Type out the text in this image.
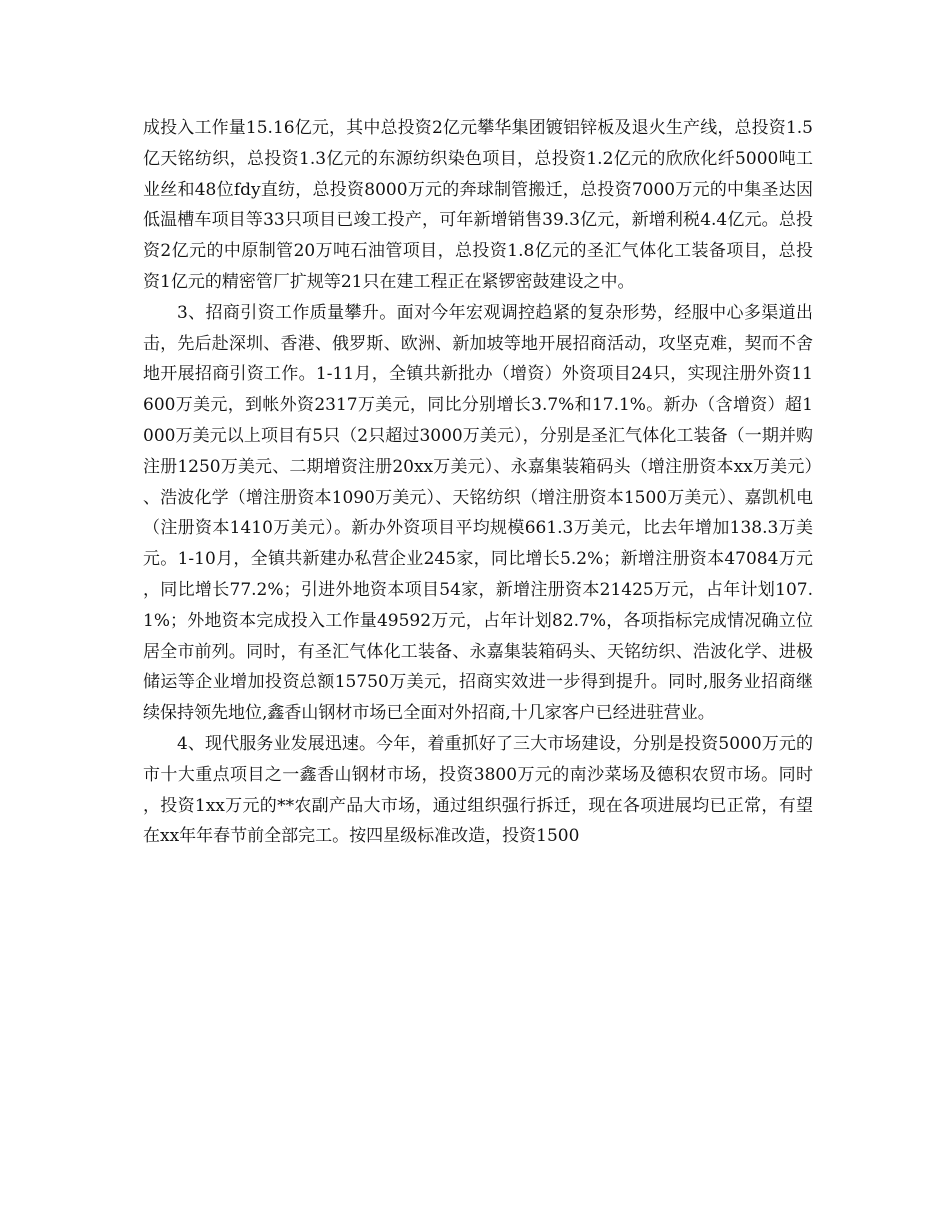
成投入工作量15.16亿元，其中总投资2亿元攀华集团镀铝锌板及退火生产线，总投资1.5亿天铭纺织，总投资1.3亿元的东源纺织染色项目，总投资1.2亿元的欣欣化纤5000吨工业丝和48位fdy直纺，总投资8000万元的奔球制管搬迁，总投资7000万元的中集圣达因低温槽车项目等33只项目已竣工投产，可年新增销售39.3亿元，新增利税4.4亿元。总投资2亿元的中原制管20万吨石油管项目，总投资1.8亿元的圣汇气体化工装备项目，总投资1亿元的精密管厂扩规等21只在建工程正在紧锣密鼓建设之中。

3、招商引资工作质量攀升。面对今年宏观调控趋紧的复杂形势，经服中心多渠道出击，先后赴深圳、香港、俄罗斯、欧洲、新加坡等地开展招商活动，攻坚克难，契而不舍地开展招商引资工作。1-11月，全镇共新批办（增资）外资项目24只，实现注册外资11600万美元，到帐外资2317万美元，同比分别增长3.7%和17.1%。新办（含增资）超1000万美元以上项目有5只（2只超过3000万美元），分别是圣汇气体化工装备（一期并购注册1250万美元、二期增资注册20xx万美元）、永嘉集装箱码头（增注册资本xx万美元）、浩波化学（增注册资本1090万美元）、天铭纺织（增注册资本1500万美元）、嘉凯机电（注册资本1410万美元）。新办外资项目平均规模661.3万美元，比去年增加138.3万美元。1-10月，全镇共新建办私营企业245家，同比增长5.2%；新增注册资本47084万元，同比增长77.2%；引进外地资本项目54家，新增注册资本21425万元，占年计划107.1%；外地资本完成投入工作量49592万元，占年计划82.7%，各项指标完成情况确立位居全市前列。同时，有圣汇气体化工装备、永嘉集装箱码头、天铭纺织、浩波化学、进极储运等企业增加投资总额15750万美元，招商实效进一步得到提升。同时,服务业招商继续保持领先地位,鑫香山钢材市场已全面对外招商,十几家客户已经进驻营业。

4、现代服务业发展迅速。今年，着重抓好了三大市场建设，分别是投资5000万元的市十大重点项目之一鑫香山钢材市场，投资3800万元的南沙菜场及德积农贸市场。同时，投资1xx万元的**农副产品大市场，通过组织强行拆迁，现在各项进展均已正常，有望在xx年年春节前全部完工。按四星级标准改造，投资1500
